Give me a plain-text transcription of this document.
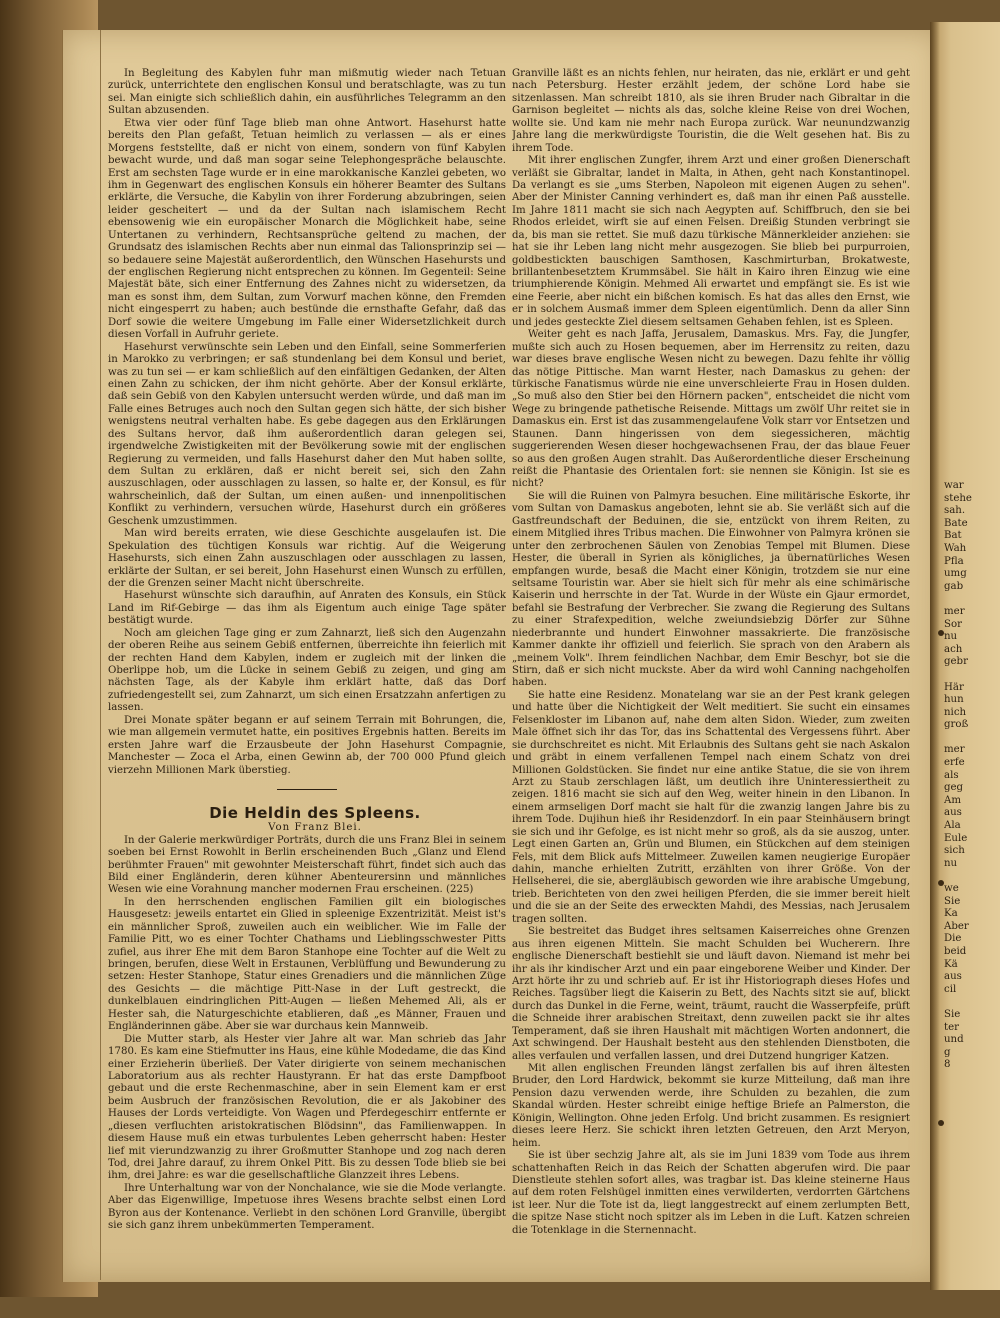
In Begleitung des Kabylen fuhr man mißmutig wieder nach Tetuan zurück, unterrichtete den englischen Konsul und beratschlagte, was zu tun sei. Man einigte sich schließlich dahin, ein ausführliches Telegramm an den Sultan abzusenden.

Etwa vier oder fünf Tage blieb man ohne Antwort. Hasehurst hatte bereits den Plan gefaßt, Tetuan heimlich zu verlassen — als er eines Morgens feststellte, daß er nicht von einem, sondern von fünf Kabylen bewacht wurde, und daß man sogar seine Telephongespräche belauschte. Erst am sechsten Tage wurde er in eine marokkanische Kanzlei gebeten, wo ihm in Gegenwart des englischen Konsuls ein höherer Beamter des Sultans erklärte, die Versuche, die Kabylin von ihrer Forderung abzubringen, seien leider gescheitert — und da der Sultan nach islamischem Recht ebensowenig wie ein europäischer Monarch die Möglichkeit habe, seine Untertanen zu verhindern, Rechtsansprüche geltend zu machen, der Grundsatz des islamischen Rechts aber nun einmal das Talionsprinzip sei — so bedauere seine Majestät außerordentlich, den Wünschen Hasehursts und der englischen Regierung nicht entsprechen zu können. Im Gegenteil: Seine Majestät bäte, sich einer Entfernung des Zahnes nicht zu widersetzen, da man es sonst ihm, dem Sultan, zum Vorwurf machen könne, den Fremden nicht eingesperrt zu haben; auch bestünde die ernsthafte Gefahr, daß das Dorf sowie die weitere Umgebung im Falle einer Widersetzlichkeit durch diesen Vorfall in Aufruhr geriete.

Hasehurst verwünschte sein Leben und den Einfall, seine Sommerferien in Marokko zu verbringen; er saß stundenlang bei dem Konsul und beriet, was zu tun sei — er kam schließlich auf den einfältigen Gedanken, der Alten einen Zahn zu schicken, der ihm nicht gehörte. Aber der Konsul erklärte, daß sein Gebiß von den Kabylen untersucht werden würde, und daß man im Falle eines Betruges auch noch den Sultan gegen sich hätte, der sich bisher wenigstens neutral verhalten habe. Es gebe dagegen aus den Erklärungen des Sultans hervor, daß ihm außerordentlich daran gelegen sei, irgendwelche Zwistigkeiten mit der Bevölkerung sowie mit der englischen Regierung zu vermeiden, und falls Hasehurst daher den Mut haben sollte, dem Sultan zu erklären, daß er nicht bereit sei, sich den Zahn auszuschlagen, oder ausschlagen zu lassen, so halte er, der Konsul, es für wahrscheinlich, daß der Sultan, um einen außen- und innenpolitischen Konflikt zu verhindern, versuchen würde, Hasehurst durch ein größeres Geschenk umzustimmen.

Man wird bereits erraten, wie diese Geschichte ausgelaufen ist. Die Spekulation des tüchtigen Konsuls war richtig. Auf die Weigerung Hasehursts, sich einen Zahn auszuschlagen oder ausschlagen zu lassen, erklärte der Sultan, er sei bereit, John Hasehurst einen Wunsch zu erfüllen, der die Grenzen seiner Macht nicht überschreite.

Hasehurst wünschte sich daraufhin, auf Anraten des Konsuls, ein Stück Land im Rif-Gebirge — das ihm als Eigentum auch einige Tage später bestätigt wurde.

Noch am gleichen Tage ging er zum Zahnarzt, ließ sich den Augenzahn der oberen Reihe aus seinem Gebiß entfernen, überreichte ihn feierlich mit der rechten Hand dem Kabylen, indem er zugleich mit der linken die Oberlippe hob, um die Lücke in seinem Gebiß zu zeigen, und ging am nächsten Tage, als der Kabyle ihm erklärt hatte, daß das Dorf zufriedengestellt sei, zum Zahnarzt, um sich einen Ersatzzahn anfertigen zu lassen.

Drei Monate später begann er auf seinem Terrain mit Bohrungen, die, wie man allgemein vermutet hatte, ein positives Ergebnis hatten. Bereits im ersten Jahre warf die Erzausbeute der John Hasehurst Compagnie, Manchester — Zoca el Arba, einen Gewinn ab, der 700 000 Pfund gleich vierzehn Millionen Mark überstieg.

Die Heldin des Spleens.

Von Franz Blei.

In der Galerie merkwürdiger Porträts, durch die uns Franz Blei in seinem soeben bei Ernst Rowohlt in Berlin erscheinenden Buch „Glanz und Elend berühmter Frauen" mit gewohnter Meisterschaft führt, findet sich auch das Bild einer Engländerin, deren kühner Abenteurersinn und männliches Wesen wie eine Vorahnung mancher modernen Frau erscheinen. (225)

In den herrschenden englischen Familien gilt ein biologisches Hausgesetz: jeweils entartet ein Glied in spleenige Exzentrizität. Meist ist's ein männlicher Sproß, zuweilen auch ein weiblicher. Wie im Falle der Familie Pitt, wo es einer Tochter Chathams und Lieblingsschwester Pitts zufiel, aus ihrer Ehe mit dem Baron Stanhope eine Tochter auf die Welt zu bringen, berufen, diese Welt in Erstaunen, Verblüffung und Bewunderung zu setzen: Hester Stanhope, Statur eines Grenadiers und die männlichen Züge des Gesichts — die mächtige Pitt-Nase in der Luft gestreckt, die dunkelblauen eindringlichen Pitt-Augen — ließen Mehemed Ali, als er Hester sah, die Naturgeschichte etablieren, daß „es Männer, Frauen und Engländerinnen gäbe. Aber sie war durchaus kein Mannweib.

Die Mutter starb, als Hester vier Jahre alt war. Man schrieb das Jahr 1780. Es kam eine Stiefmutter ins Haus, eine kühle Modedame, die das Kind einer Erzieherin überließ. Der Vater dirigierte von seinem mechanischen Laboratorium aus als rechter Haustyrann. Er hat das erste Dampfboot gebaut und die erste Rechenmaschine, aber in sein Element kam er erst beim Ausbruch der französischen Revolution, die er als Jakobiner des Hauses der Lords verteidigte. Von Wagen und Pferdegeschirr entfernte er „diesen verfluchten aristokratischen Blödsinn", das Familienwappen. In diesem Hause muß ein etwas turbulentes Leben geherrscht haben: Hester lief mit vierundzwanzig zu ihrer Großmutter Stanhope und zog nach deren Tod, drei Jahre darauf, zu ihrem Onkel Pitt. Bis zu dessen Tode blieb sie bei ihm, drei Jahre: es war die gesellschaftliche Glanzzeit ihres Lebens.

Ihre Unterhaltung war von der Nonchalance, wie sie die Mode verlangte. Aber das Eigenwillige, Impetuose ihres Wesens brachte selbst einen Lord Byron aus der Kontenance. Verliebt in den schönen Lord Granville, übergibt sie sich ganz ihrem unbekümmerten Temperament.

Granville läßt es an nichts fehlen, nur heiraten, das nie, erklärt er und geht nach Petersburg. Hester erzählt jedem, der schöne Lord habe sie sitzenlassen. Man schreibt 1810, als sie ihren Bruder nach Gibraltar in die Garnison begleitet — nichts als das, solche kleine Reise von drei Wochen, wollte sie. Und kam nie mehr nach Europa zurück. War neunundzwanzig Jahre lang die merkwürdigste Touristin, die die Welt gesehen hat. Bis zu ihrem Tode.

Mit ihrer englischen Zungfer, ihrem Arzt und einer großen Dienerschaft verläßt sie Gibraltar, landet in Malta, in Athen, geht nach Konstantinopel. Da verlangt es sie „ums Sterben, Napoleon mit eigenen Augen zu sehen". Aber der Minister Canning verhindert es, daß man ihr einen Paß ausstelle. Im Jahre 1811 macht sie sich nach Aegypten auf. Schiffbruch, den sie bei Rhodos erleidet, wirft sie auf einen Felsen. Dreißig Stunden verbringt sie da, bis man sie rettet. Sie muß dazu türkische Männerkleider anziehen: sie hat sie ihr Leben lang nicht mehr ausgezogen. Sie blieb bei purpurroien, goldbestickten bauschigen Samthosen, Kaschmirturban, Brokatweste, brillantenbesetztem Krummsäbel. Sie hält in Kairo ihren Einzug wie eine triumphierende Königin. Mehmed Ali erwartet und empfängt sie. Es ist wie eine Feerie, aber nicht ein bißchen komisch. Es hat das alles den Ernst, wie er in solchem Ausmaß immer dem Spleen eigentümlich. Denn da aller Sinn und jedes gesteckte Ziel diesem seltsamen Gehaben fehlen, ist es Spleen.

Weiter geht es nach Jaffa, Jerusalem, Damaskus. Mrs. Fay, die Jungfer, mußte sich auch zu Hosen bequemen, aber im Herrensitz zu reiten, dazu war dieses brave englische Wesen nicht zu bewegen. Dazu fehlte ihr völlig das nötige Pittische. Man warnt Hester, nach Damaskus zu gehen: der türkische Fanatismus würde nie eine unverschleierte Frau in Hosen dulden. „So muß also den Stier bei den Hörnern packen", entscheidet die nicht vom Wege zu bringende pathetische Reisende. Mittags um zwölf Uhr reitet sie in Damaskus ein. Erst ist das zusammengelaufene Volk starr vor Entsetzen und Staunen. Dann hingerissen von dem siegessicheren, mächtig suggerierenden Wesen dieser hochgewachsenen Frau, der das blaue Feuer so aus den großen Augen strahlt. Das Außerordentliche dieser Erscheinung reißt die Phantasie des Orientalen fort: sie nennen sie Königin. Ist sie es nicht?

Sie will die Ruinen von Palmyra besuchen. Eine militärische Eskorte, ihr vom Sultan von Damaskus angeboten, lehnt sie ab. Sie verläßt sich auf die Gastfreundschaft der Beduinen, die sie, entzückt von ihrem Reiten, zu einem Mitglied ihres Tribus machen. Die Einwohner von Palmyra krönen sie unter den zerbrochenen Säulen von Zenobias Tempel mit Blumen. Diese Hester, die überall in Syrien als königliches, ja übernatürliches Wesen empfangen wurde, besaß die Macht einer Königin, trotzdem sie nur eine seltsame Touristin war. Aber sie hielt sich für mehr als eine schimärische Kaiserin und herrschte in der Tat. Wurde in der Wüste ein Gjaur ermordet, befahl sie Bestrafung der Verbrecher. Sie zwang die Regierung des Sultans zu einer Strafexpedition, welche zweiundsiebzig Dörfer zur Sühne niederbrannte und hundert Einwohner massakrierte. Die französische Kammer dankte ihr offiziell und feierlich. Sie sprach von den Arabern als „meinem Volk". Ihrem feindlichen Nachbar, dem Emir Beschyr, bot sie die Stirn, daß er sich nicht muckste. Aber da wird wohl Canning nachgeholfen haben.

Sie hatte eine Residenz. Monatelang war sie an der Pest krank gelegen und hatte über die Nichtigkeit der Welt meditiert. Sie sucht ein einsames Felsenkloster im Libanon auf, nahe dem alten Sidon. Wieder, zum zweiten Male öffnet sich ihr das Tor, das ins Schattental des Vergessens führt. Aber sie durchschreitet es nicht. Mit Erlaubnis des Sultans geht sie nach Askalon und gräbt in einem verfallenen Tempel nach einem Schatz von drei Millionen Goldstücken. Sie findet nur eine antike Statue, die sie von ihrem Arzt zu Staub zerschlagen läßt, um deutlich ihre Uninteressiertheit zu zeigen. 1816 macht sie sich auf den Weg, weiter hinein in den Libanon. In einem armseligen Dorf macht sie halt für die zwanzig langen Jahre bis zu ihrem Tode. Dujihun hieß ihr Residenzdorf. In ein paar Steinhäusern bringt sie sich und ihr Gefolge, es ist nicht mehr so groß, als da sie auszog, unter. Legt einen Garten an, Grün und Blumen, ein Stückchen auf dem steinigen Fels, mit dem Blick aufs Mittelmeer. Zuweilen kamen neugierige Europäer dahin, manche erhielten Zutritt, erzählten von ihrer Größe. Von der Hellseherei, die sie, abergläubisch geworden wie ihre arabische Umgebung, trieb. Berichteten von den zwei heiligen Pferden, die sie immer bereit hielt und die sie an der Seite des erweckten Mahdi, des Messias, nach Jerusalem tragen sollten.

Sie bestreitet das Budget ihres seltsamen Kaiserreiches ohne Grenzen aus ihren eigenen Mitteln. Sie macht Schulden bei Wucherern. Ihre englische Dienerschaft bestiehlt sie und läuft davon. Niemand ist mehr bei ihr als ihr kindischer Arzt und ein paar eingeborene Weiber und Kinder. Der Arzt hörte ihr zu und schrieb auf. Er ist ihr Historiograph dieses Hofes und Reiches. Tagsüber liegt die Kaiserin zu Bett, des Nachts sitzt sie auf, blickt durch das Dunkel in die Ferne, weint, träumt, raucht die Wasserpfeife, prüft die Schneide ihrer arabischen Streitaxt, denn zuweilen packt sie ihr altes Temperament, daß sie ihren Haushalt mit mächtigen Worten andonnert, die Axt schwingend. Der Haushalt besteht aus den stehlenden Dienstboten, die alles verfaulen und verfallen lassen, und drei Dutzend hungriger Katzen.

Mit allen englischen Freunden längst zerfallen bis auf ihren ältesten Bruder, den Lord Hardwick, bekommt sie kurze Mitteilung, daß man ihre Pension dazu verwenden werde, ihre Schulden zu bezahlen, die zum Skandal würden. Hester schreibt einige heftige Briefe an Palmerston, die Königin, Wellington. Ohne jeden Erfolg. Und bricht zusammen. Es resigniert dieses leere Herz. Sie schickt ihren letzten Getreuen, den Arzt Meryon, heim.

Sie ist über sechzig Jahre alt, als sie im Juni 1839 vom Tode aus ihrem schattenhaften Reich in das Reich der Schatten abgerufen wird. Die paar Dienstleute stehlen sofort alles, was tragbar ist. Das kleine steinerne Haus auf dem roten Felshügel inmitten eines verwilderten, verdorrten Gärtchens ist leer. Nur die Tote ist da, liegt langgestreckt auf einem zerlumpten Bett, die spitze Nase sticht noch spitzer als im Leben in die Luft. Katzen schreien die Totenklage in die Sternennacht.

war
stehe
sah.
Bate
Bat
Wah
Pfla
umg
gab
mer
Sor
nu
ach
gebr
Här
hun
nich
groß
mer
erfe
als
geg
Am
aus
Ala
Eule
sich
nu
we
Sie
Ka
Aber
Die
beid
Kä
aus
cil
Sie
ter
und
g
8
